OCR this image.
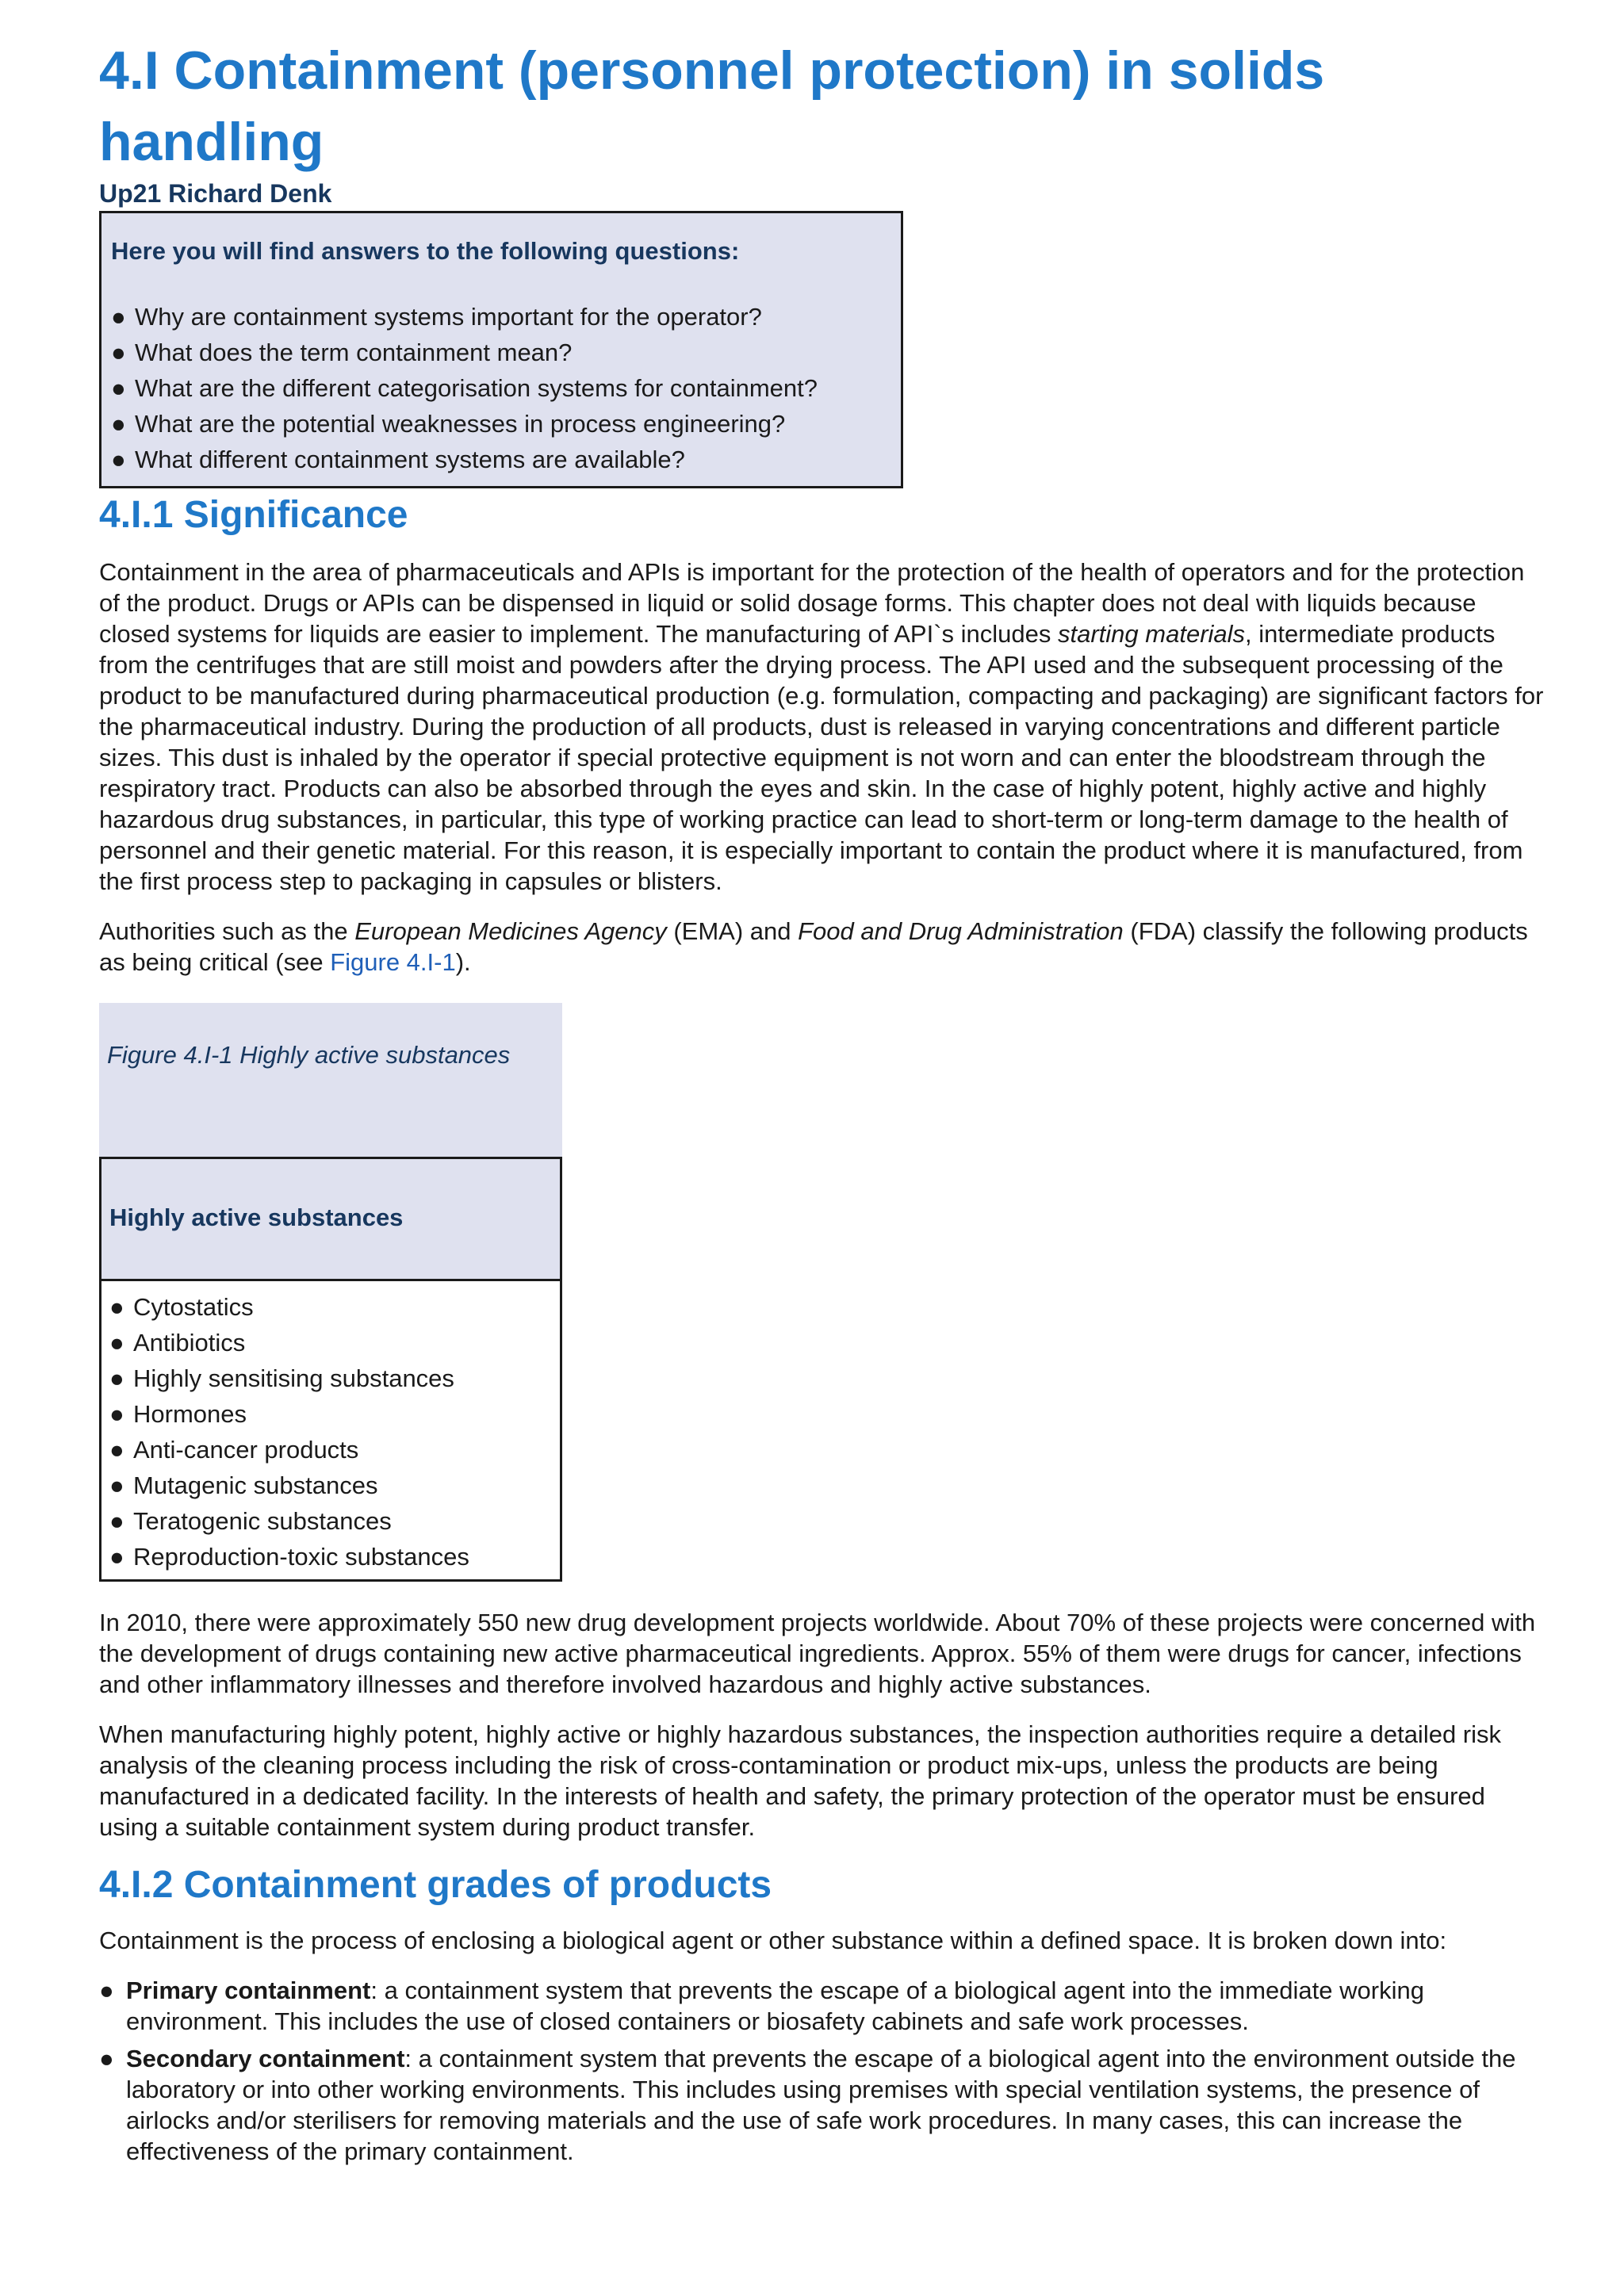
4.I Containment (personnel protection) in solids handling
Up21 Richard Denk
Here you will find answers to the following questions:
● Why are containment systems important for the operator?
● What does the term containment mean?
● What are the different categorisation systems for containment?
● What are the potential weaknesses in process engineering?
● What different containment systems are available?
4.I.1 Significance

Containment in the area of pharmaceuticals and APIs is important for the protection of the health of operators and for the protection of the product. Drugs or APIs can be dispensed in liquid or solid dosage forms. This chapter does not deal with liquids because closed systems for liquids are easier to implement. The manufacturing of API`s includes starting materials, intermediate products from the centrifuges that are still moist and powders after the drying process. The API used and the subsequent processing of the product to be manufactured during pharmaceutical production (e.g. formulation, compacting and packaging) are significant factors for the pharmaceutical industry. During the production of all products, dust is released in varying concentrations and different particle sizes. This dust is inhaled by the operator if special protective equipment is not worn and can enter the bloodstream through the respiratory tract. Products can also be absorbed through the eyes and skin. In the case of highly potent, highly active and highly hazardous drug substances, in particular, this type of working practice can lead to short-term or long-term damage to the health of personnel and their genetic material. For this reason, it is especially important to contain the product where it is manufactured, from the first process step to packaging in capsules or blisters.

Authorities such as the European Medicines Agency (EMA) and Food and Drug Administration (FDA) classify the following products as being critical (see Figure 4.I-1).

Figure 4.I-1 Highly active substances
Highly active substances
● Cytostatics
● Antibiotics
● Highly sensitising substances
● Hormones
● Anti-cancer products
● Mutagenic substances
● Teratogenic substances
● Reproduction-toxic substances

In 2010, there were approximately 550 new drug development projects worldwide. About 70% of these projects were concerned with the development of drugs containing new active pharmaceutical ingredients. Approx. 55% of them were drugs for cancer, infections and other inflammatory illnesses and therefore involved hazardous and highly active substances.

When manufacturing highly potent, highly active or highly hazardous substances, the inspection authorities require a detailed risk analysis of the cleaning process including the risk of cross-contamination or product mix-ups, unless the products are being manufactured in a dedicated facility. In the interests of health and safety, the primary protection of the operator must be ensured using a suitable containment system during product transfer.

4.I.2 Containment grades of products

Containment is the process of enclosing a biological agent or other substance within a defined space. It is broken down into:

● Primary containment: a containment system that prevents the escape of a biological agent into the immediate working environment. This includes the use of closed containers or biosafety cabinets and safe work processes.
● Secondary containment: a containment system that prevents the escape of a biological agent into the environment outside the laboratory or into other working environments. This includes using premises with special ventilation systems, the presence of airlocks and/or sterilisers for removing materials and the use of safe work procedures. In many cases, this can increase the effectiveness of the primary containment.
